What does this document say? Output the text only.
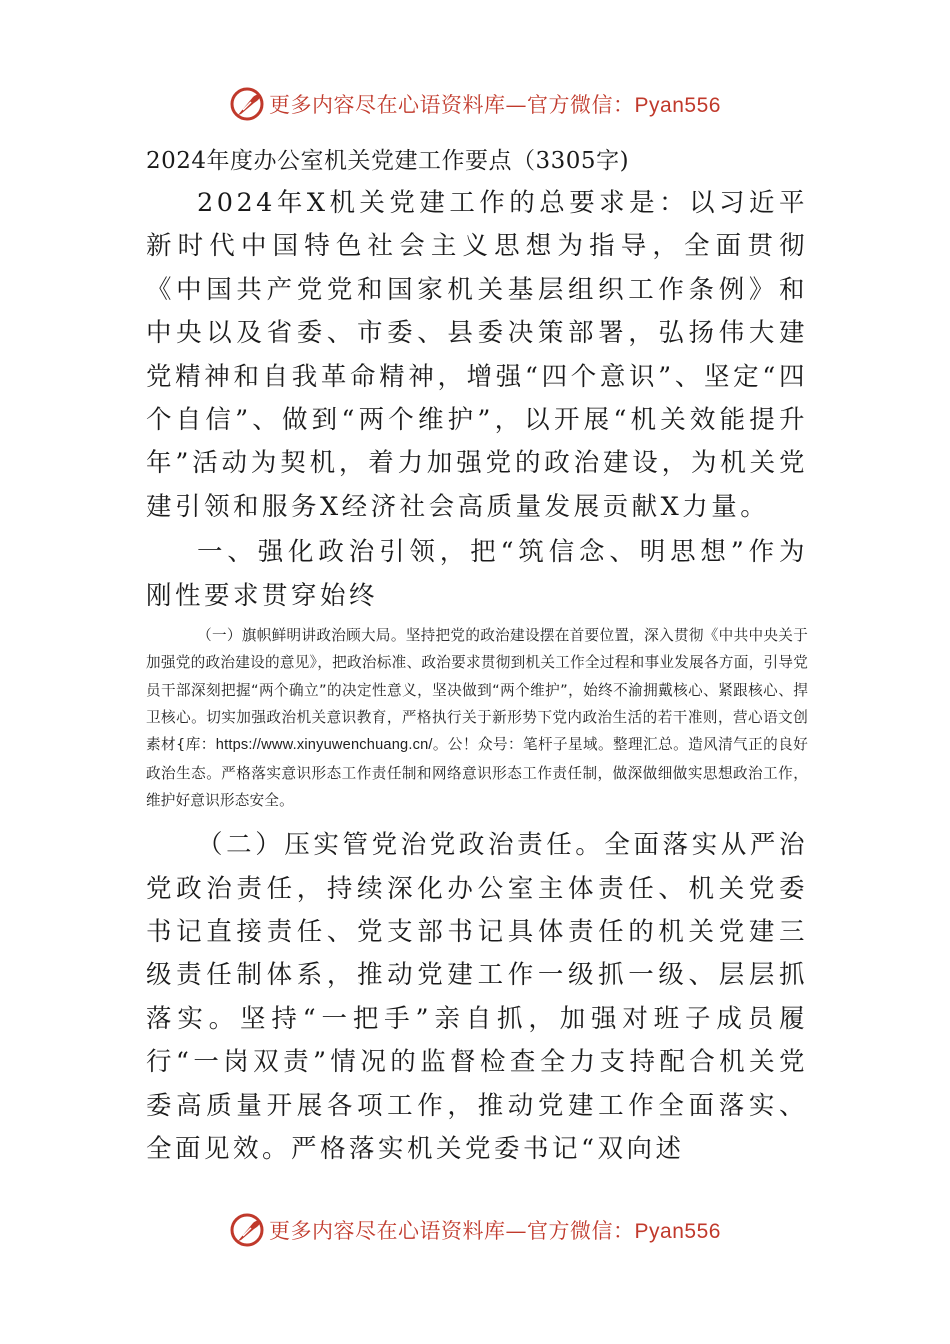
更多内容尽在心语资料库—官方微信：Pyan556
2024年度办公室机关党建工作要点（3305字)

2024年X机关党建工作的总要求是：以习近平新时代中国特色社会主义思想为指导，全面贯彻《中国共产党党和国家机关基层组织工作条例》和中央以及省委、市委、县委决策部署，弘扬伟大建党精神和自我革命精神，增强“四个意识”、坚定“四个自信”、做到“两个维护”，以开展“机关效能提升年”活动为契机，着力加强党的政治建设，为机关党建引领和服务X经济社会高质量发展贡献X力量。

一、强化政治引领，把“筑信念、明思想”作为刚性要求贯穿始终

（一）旗帜鲜明讲政治顾大局。坚持把党的政治建设摆在首要位置，深入贯彻《中共中央关于加强党的政治建设的意见》，把政治标准、政治要求贯彻到机关工作全过程和事业发展各方面，引导党员干部深刻把握“两个确立”的决定性意义，坚决做到“两个维护”，始终不渝拥戴核心、紧跟核心、捍卫核心。切实加强政治机关意识教育，严格执行关于新形势下党内政治生活的若干准则，营心语文创素材{库：https://www.xinyuwenchuang.cn/。公！众号：笔杆子星域。整理汇总。造风清气正的良好政治生态。严格落实意识形态工作责任制和网络意识形态工作责任制，做深做细做实思想政治工作，维护好意识形态安全。

（二）压实管党治党政治责任。全面落实从严治党政治责任，持续深化办公室主体责任、机关党委书记直接责任、党支部书记具体责任的机关党建三级责任制体系，推动党建工作一级抓一级、层层抓落实。坚持“一把手”亲自抓，加强对班子成员履行“一岗双责”情况的监督检查全力支持配合机关党委高质量开展各项工作，推动党建工作全面落实、全面见效。严格落实机关党委书记“双向述

更多内容尽在心语资料库—官方微信：Pyan556
